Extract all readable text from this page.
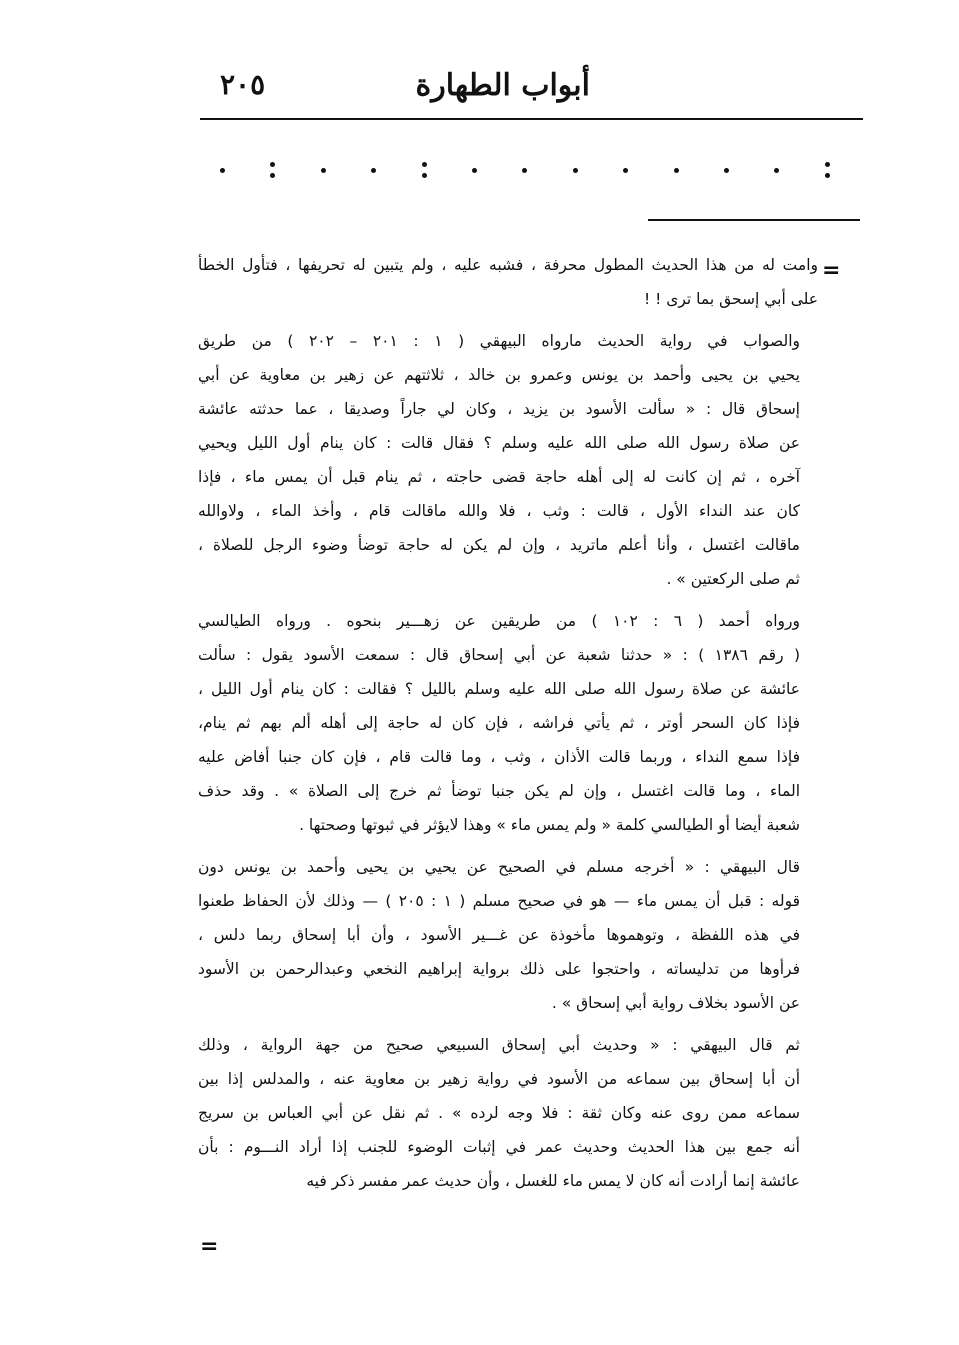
أبواب الطهارة
٢٠٥
=
وامت له من هذا الحديث المطول محرفة ، فشبه عليه ، ولم يتبين له تحريفها ، فتأول الخطأ
على أبي إسحق بما ترى ! !
والصواب في رواية الحديث مارواه البيهقي ( ١ : ٢٠١ – ٢٠٢ ) من طريق
يحيي بن يحيى وأحمد بن يونس وعمرو بن خالد ، ثلاثتهم عن زهير بن معاوية عن أبي
إسحاق قال : « سألت الأسود بن يزيد ، وكان لي جاراً وصديقا ، عما حدثته عائشة
عن صلاة رسول الله صلى الله عليه وسلم ؟ فقال قالت : كان ينام أول الليل ويحيي
آخره ، ثم إن كانت له إلى أهله حاجة قضى حاجته ، ثم ينام قبل أن يمس ماء ، فإذا
كان عند النداء الأول ، قالت : وثب ، فلا والله ماقالت قام ، وأخذ الماء ، ولاوالله
ماقالت اغتسل ، وأنا أعلم ماتريد ، وإن لم يكن له حاجة توضأ وضوء الرجل للصلاة ،
ثم صلى الركعتين » .
ورواه أحمد ( ٦ : ١٠٢ ) من طريقين عن زهـــير بنحوه . ورواه الطيالسي
( رقم ١٣٨٦ ) : « حدثنا شعبة عن أبي إسحاق قال : سمعت الأسود يقول : سألت
عائشة عن صلاة رسول الله صلى الله عليه وسلم بالليل ؟ فقالت : كان ينام أول الليل ،
فإذا كان السحر أوتر ، ثم يأتي فراشه ، فإن كان له حاجة إلى أهله ألم بهم ثم ينام،
فإذا سمع النداء ، وربما قالت الأذان ، وثب ، وما قالت قام ، فإن كان جنبا أفاض عليه
الماء ، وما قالت اغتسل ، وإن لم يكن جنبا توضأ ثم خرج إلى الصلاة » . وقد حذف
شعبة أيضا أو الطيالسي كلمة « ولم يمس ماء » وهذا لايؤثر في ثبوتها وصحتها .
قال البيهقي : « أخرجه مسلم في الصحيح عن يحيي بن يحيى وأحمد بن يونس دون
قوله : قبل أن يمس ماء — هو في صحيح مسلم ( ١ : ٢٠٥ ) — وذلك لأن الحفاظ طعنوا
في هذه اللفظة ، وتوهموها مأخوذة عن غـــير الأسود ، وأن أبا إسحاق ربما دلس ،
فرأوها من تدليساته ، واحتجوا على ذلك برواية إبراهيم النخعي وعبدالرحمن بن الأسود
عن الأسود بخلاف رواية أبي إسحاق » .
ثم قال البيهقي : « وحديث أبي إسحاق السبيعي صحيح من جهة الرواية ، وذلك
أن أبا إسحاق بين سماعه من الأسود في رواية زهير بن معاوية عنه ، والمدلس إذا بين
سماعه ممن روى عنه وكان ثقة : فلا وجه لرده » . ثم نقل عن أبي العباس بن سريج
أنه جمع بين هذا الحديث وحديث عمر في إثبات الوضوء للجنب إذا أراد النـــوم : بأن
عائشة إنما أرادت أنه كان لا يمس ماء للغسل ، وأن حديث عمر مفسر ذكر فيه
=
